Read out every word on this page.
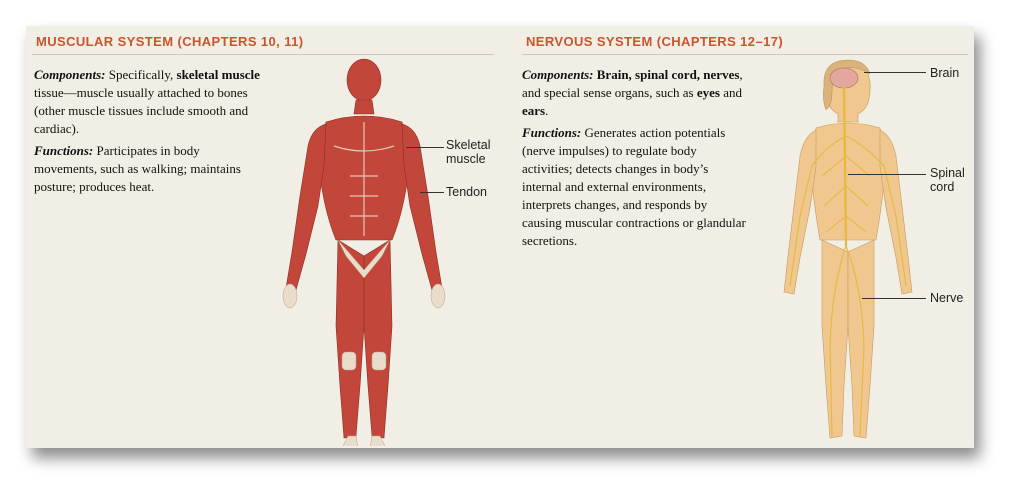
MUSCULAR SYSTEM (CHAPTERS 10, 11)

Components: Specifically, skeletal muscle tissue—muscle usually attached to bones (other muscle tissues include smooth and cardiac).

Functions: Participates in body movements, such as walking; maintains posture; produces heat.

Skeletal
muscle
Tendon
NERVOUS SYSTEM (CHAPTERS 12–17)

Components: Brain, spinal cord, nerves, and special sense organs, such as eyes and ears.

Functions: Generates action potentials (nerve impulses) to regulate body activities; detects changes in body’s internal and external environments, interprets changes, and responds by causing muscular contractions or glandular secretions.

Brain
Spinal
cord
Nerve
